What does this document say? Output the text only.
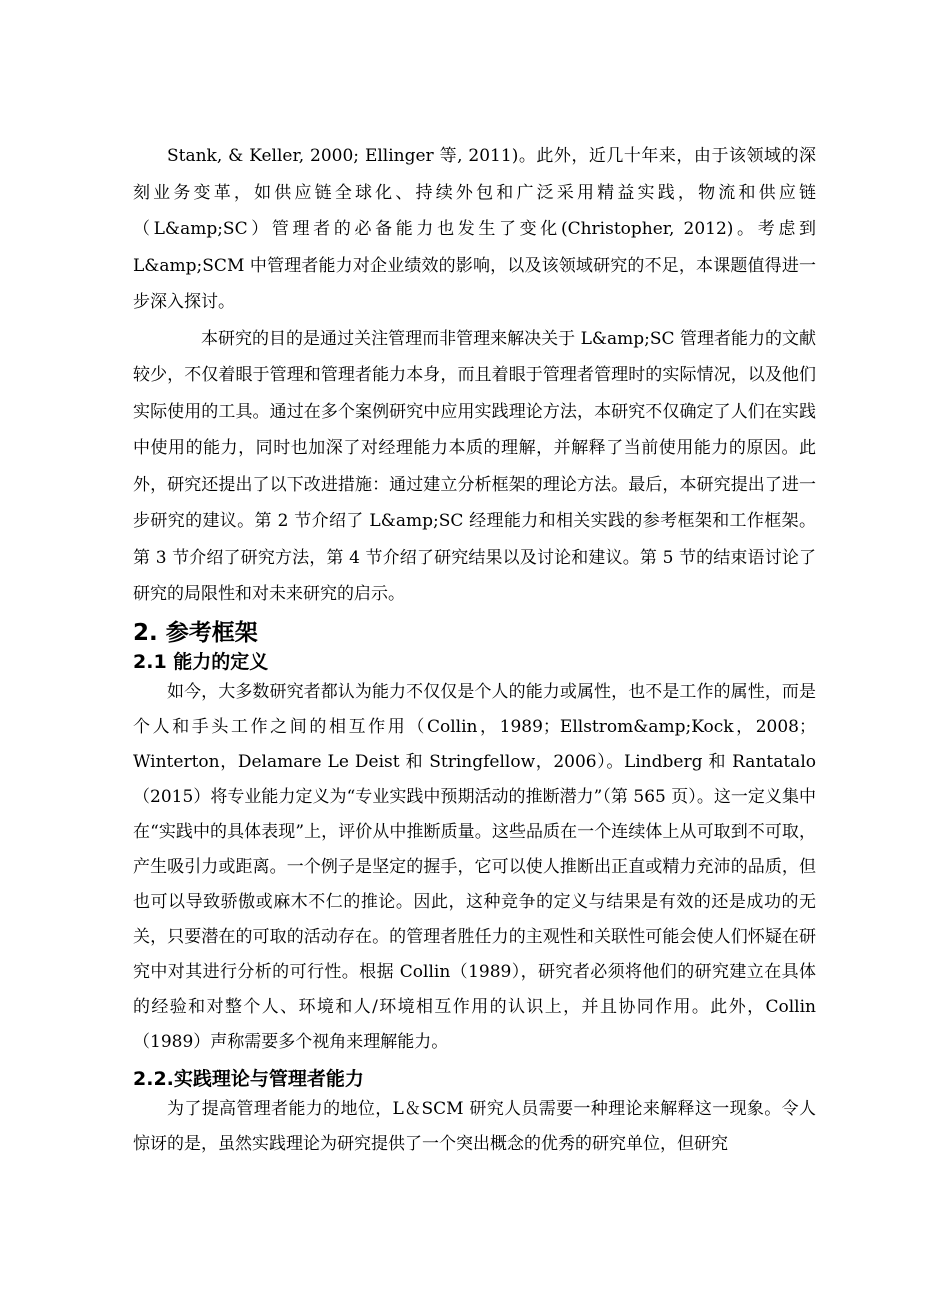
Stank, & Keller, 2000; Ellinger 等, 2011)。此外，近几十年来，由于该领域的深刻业务变革，如供应链全球化、持续外包和广泛采用精益实践，物流和供应链（L&amp;SC）管理者的必备能力也发生了变化(Christopher, 2012)。考虑到L&amp;SCM 中管理者能力对企业绩效的影响，以及该领域研究的不足，本课题值得进一步深入探讨。

本研究的目的是通过关注管理而非管理来解决关于 L&amp;SC 管理者能力的文献较少，不仅着眼于管理和管理者能力本身，而且着眼于管理者管理时的实际情况，以及他们实际使用的工具。通过在多个案例研究中应用实践理论方法，本研究不仅确定了人们在实践中使用的能力，同时也加深了对经理能力本质的理解，并解释了当前使用能力的原因。此外，研究还提出了以下改进措施：通过建立分析框架的理论方法。最后，本研究提出了进一步研究的建议。第 2 节介绍了 L&amp;SC 经理能力和相关实践的参考框架和工作框架。第 3 节介绍了研究方法，第 4 节介绍了研究结果以及讨论和建议。第 5 节的结束语讨论了研究的局限性和对未来研究的启示。

2. 参考框架
2.1 能力的定义

如今，大多数研究者都认为能力不仅仅是个人的能力或属性，也不是工作的属性，而是个人和手头工作之间的相互作用（Collin，1989；Ellstrom&amp;Kock，2008；Winterton，Delamare Le Deist 和 Stringfellow，2006）。Lindberg 和 Rantatalo（2015）将专业能力定义为“专业实践中预期活动的推断潜力”（第 565 页）。这一定义集中在“实践中的具体表现”上，评价从中推断质量。这些品质在一个连续体上从可取到不可取，产生吸引力或距离。一个例子是坚定的握手，它可以使人推断出正直或精力充沛的品质，但也可以导致骄傲或麻木不仁的推论。因此，这种竞争的定义与结果是有效的还是成功的无关，只要潜在的可取的活动存在。的管理者胜任力的主观性和关联性可能会使人们怀疑在研究中对其进行分析的可行性。根据 Collin（1989），研究者必须将他们的研究建立在具体的经验和对整个人、环境和人/环境相互作用的认识上，并且协同作用。此外，Collin（1989）声称需要多个视角来理解能力。

2.2.实践理论与管理者能力

为了提高管理者能力的地位，L＆SCM 研究人员需要一种理论来解释这一现象。令人惊讶的是，虽然实践理论为研究提供了一个突出概念的优秀的研究单位，但研究
